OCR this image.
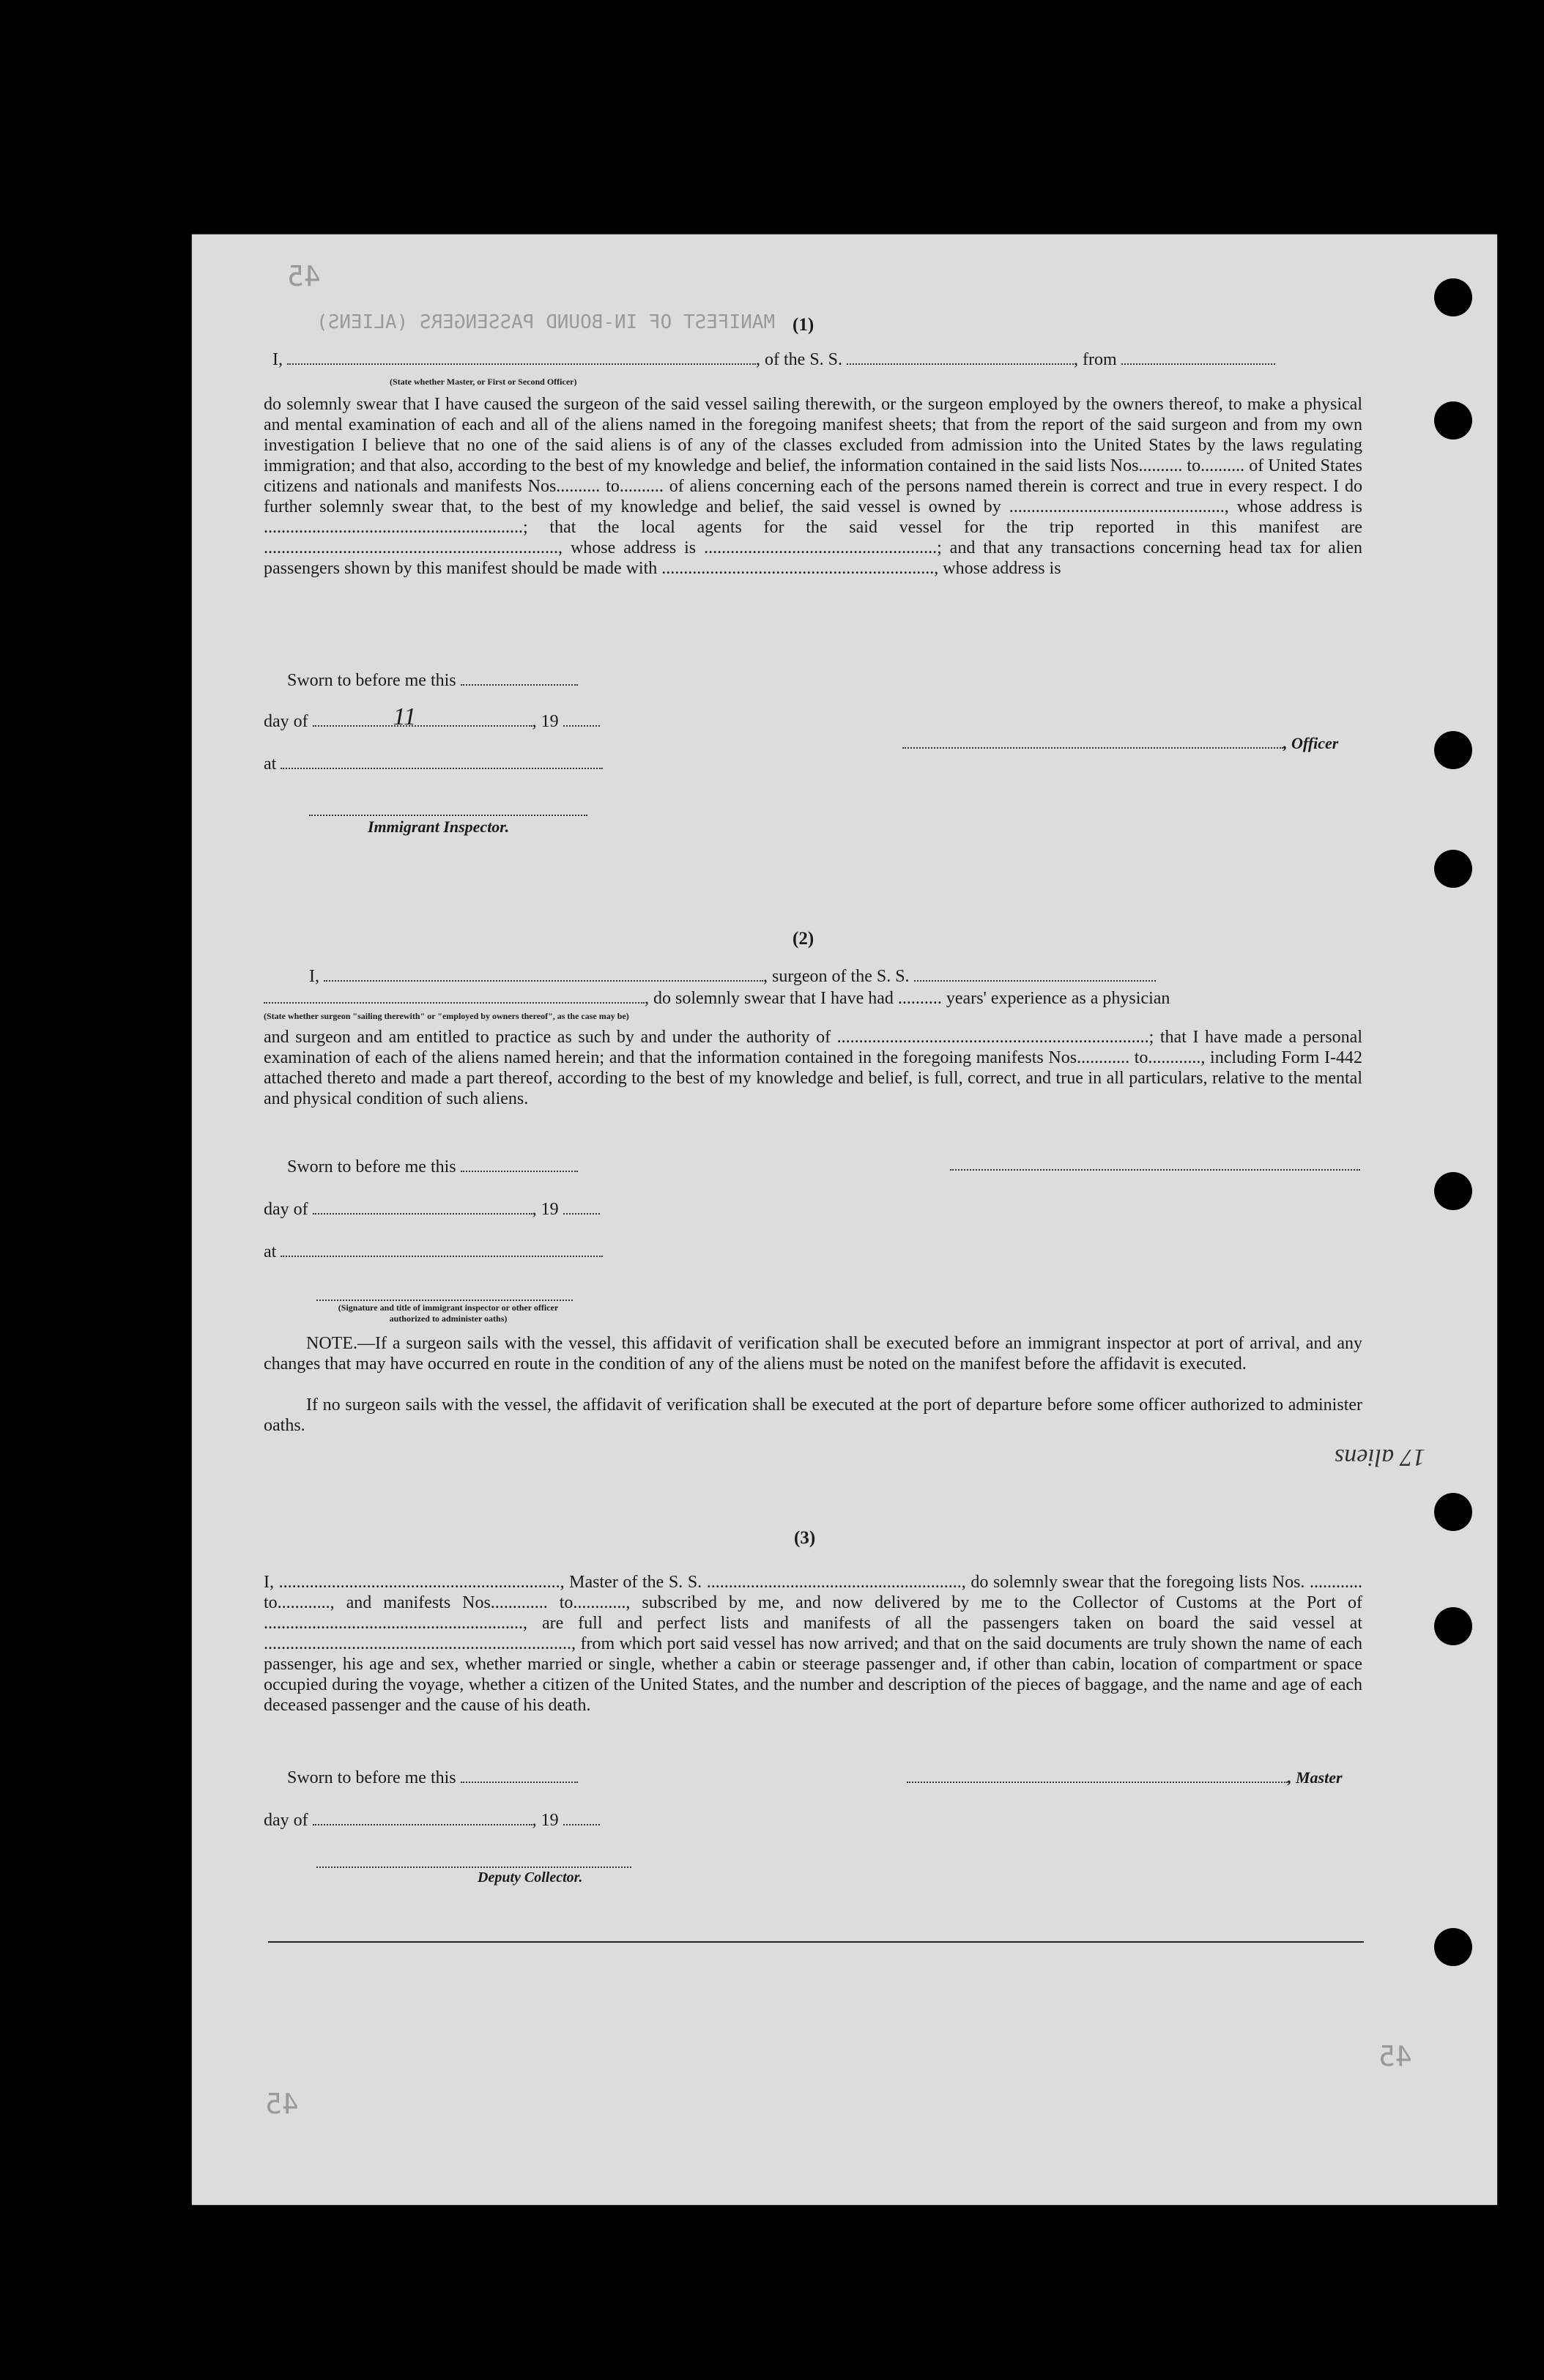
MANIFEST OF IN-BOUND PASSENGERS (ALIENS)
45
(1)
I,	, of the S. S.	, from
(State whether Master, or First or Second Officer)
do solemnly swear that I have caused the surgeon of the said vessel sailing therewith, or the surgeon employed by the owners thereof, to make a physical and mental examination of each and all of the aliens named in the foregoing manifest sheets; that from the report of the said surgeon and from my own investigation I believe that no one of the said aliens is of any of the classes excluded from admission into the United States by the laws regulating immigration; and that also, according to the best of my knowledge and belief, the information contained in the said lists Nos.......... to.......... of United States citizens and nationals and manifests Nos.......... to.......... of aliens concerning each of the persons named therein is correct and true in every respect. I do further solemnly swear that, to the best of my knowledge and belief, the said vessel is owned by ................................................., whose address is ...........................................................; that the local agents for the said vessel for the trip reported in this manifest are ..................................................................., whose address is .....................................................; and that any transactions concerning head tax for alien passengers shown by this manifest should be made with .............................................................., whose address is
Sworn to before me this
day of	11	, 19
at
Immigrant Inspector.
, Officer
(2)
I,	, surgeon of the S. S.
, do solemnly swear that I have had .......... years' experience as a physician
(State whether surgeon "sailing therewith" or "employed by owners thereof", as the case may be)
and surgeon and am entitled to practice as such by and under the authority of .......................................................................; that I have made a personal examination of each of the aliens named herein; and that the information contained in the foregoing manifests Nos............ to............, including Form I-442 attached thereto and made a part thereof, according to the best of my knowledge and belief, is full, correct, and true in all particulars, relative to the mental and physical condition of such aliens.
Sworn to before me this
day of	, 19
at
(Signature and title of immigrant inspector or other officer authorized to administer oaths)
NOTE.—If a surgeon sails with the vessel, this affidavit of verification shall be executed before an immigrant inspector at port of arrival, and any changes that may have occurred en route in the condition of any of the aliens must be noted on the manifest before the affidavit is executed.
If no surgeon sails with the vessel, the affidavit of verification shall be executed at the port of departure before some officer authorized to administer oaths.
17 aliens
(3)
I, ................................................................, Master of the S. S. .........................................................., do solemnly swear that the foregoing lists Nos. ............ to............, and manifests Nos............. to............, subscribed by me, and now delivered by me to the Collector of Customs at the Port of ..........................................................., are full and perfect lists and manifests of all the passengers taken on board the said vessel at ......................................................................, from which port said vessel has now arrived; and that on the said documents are truly shown the name of each passenger, his age and sex, whether married or single, whether a cabin or steerage passenger and, if other than cabin, location of compartment or space occupied during the voyage, whether a citizen of the United States, and the number and description of the pieces of baggage, and the name and age of each deceased passenger and the cause of his death.
Sworn to before me this	, Master
day of	, 19
Deputy Collector.
45
45
